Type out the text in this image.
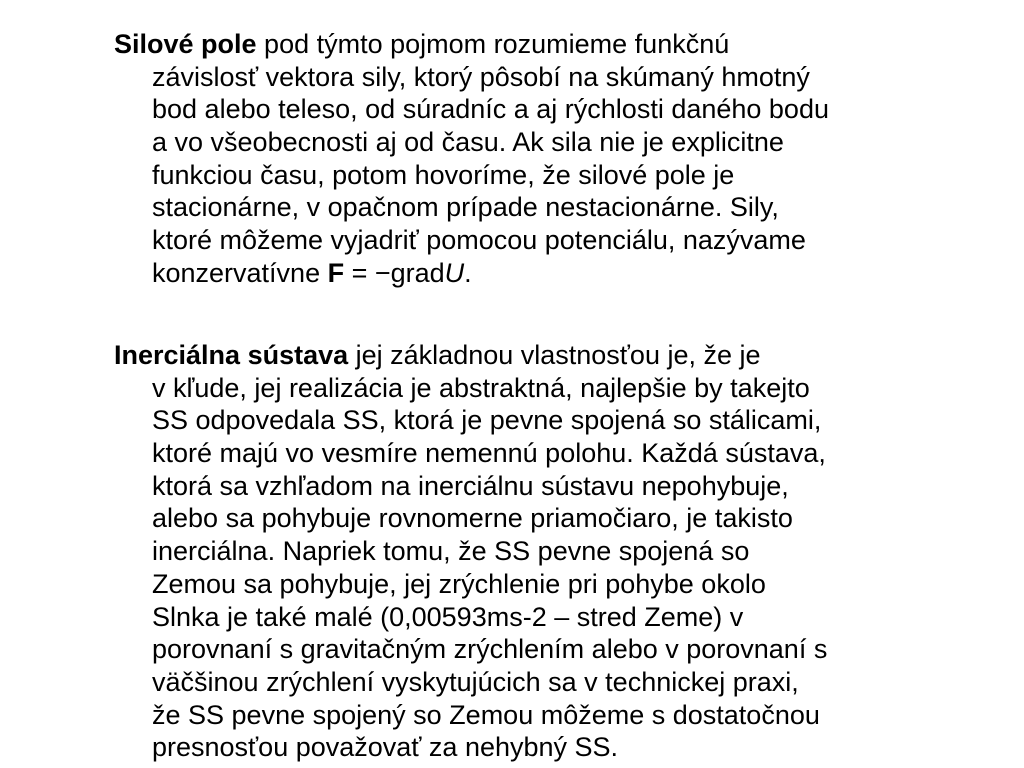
Silové pole pod týmto pojmom rozumieme funkčnú
závislosť vektora sily, ktorý pôsobí na skúmaný hmotný
bod alebo teleso, od súradníc a aj rýchlosti daného bodu
a vo všeobecnosti aj od času. Ak sila nie je explicitne
funkciou času, potom hovoríme, že silové pole je
stacionárne, v opačnom prípade nestacionárne. Sily,
ktoré môžeme vyjadriť pomocou potenciálu, nazývame
konzervatívne F = −gradU.

Inerciálna sústava jej základnou vlastnosťou je, že je
v kľude, jej realizácia je abstraktná, najlepšie by takejto
SS odpovedala SS, ktorá je pevne spojená so stálicami,
ktoré majú vo vesmíre nemennú polohu. Každá sústava,
ktorá sa vzhľadom na inerciálnu sústavu nepohybuje,
alebo sa pohybuje rovnomerne priamočiaro, je takisto
inerciálna. Napriek tomu, že SS pevne spojená so
Zemou sa pohybuje, jej zrýchlenie pri pohybe okolo
Slnka je také malé (0,00593ms-2 – stred Zeme) v
porovnaní s gravitačným zrýchlením alebo v porovnaní s
väčšinou zrýchlení vyskytujúcich sa v technickej praxi,
že SS pevne spojený so Zemou môžeme s dostatočnou
presnosťou považovať za nehybný SS.
